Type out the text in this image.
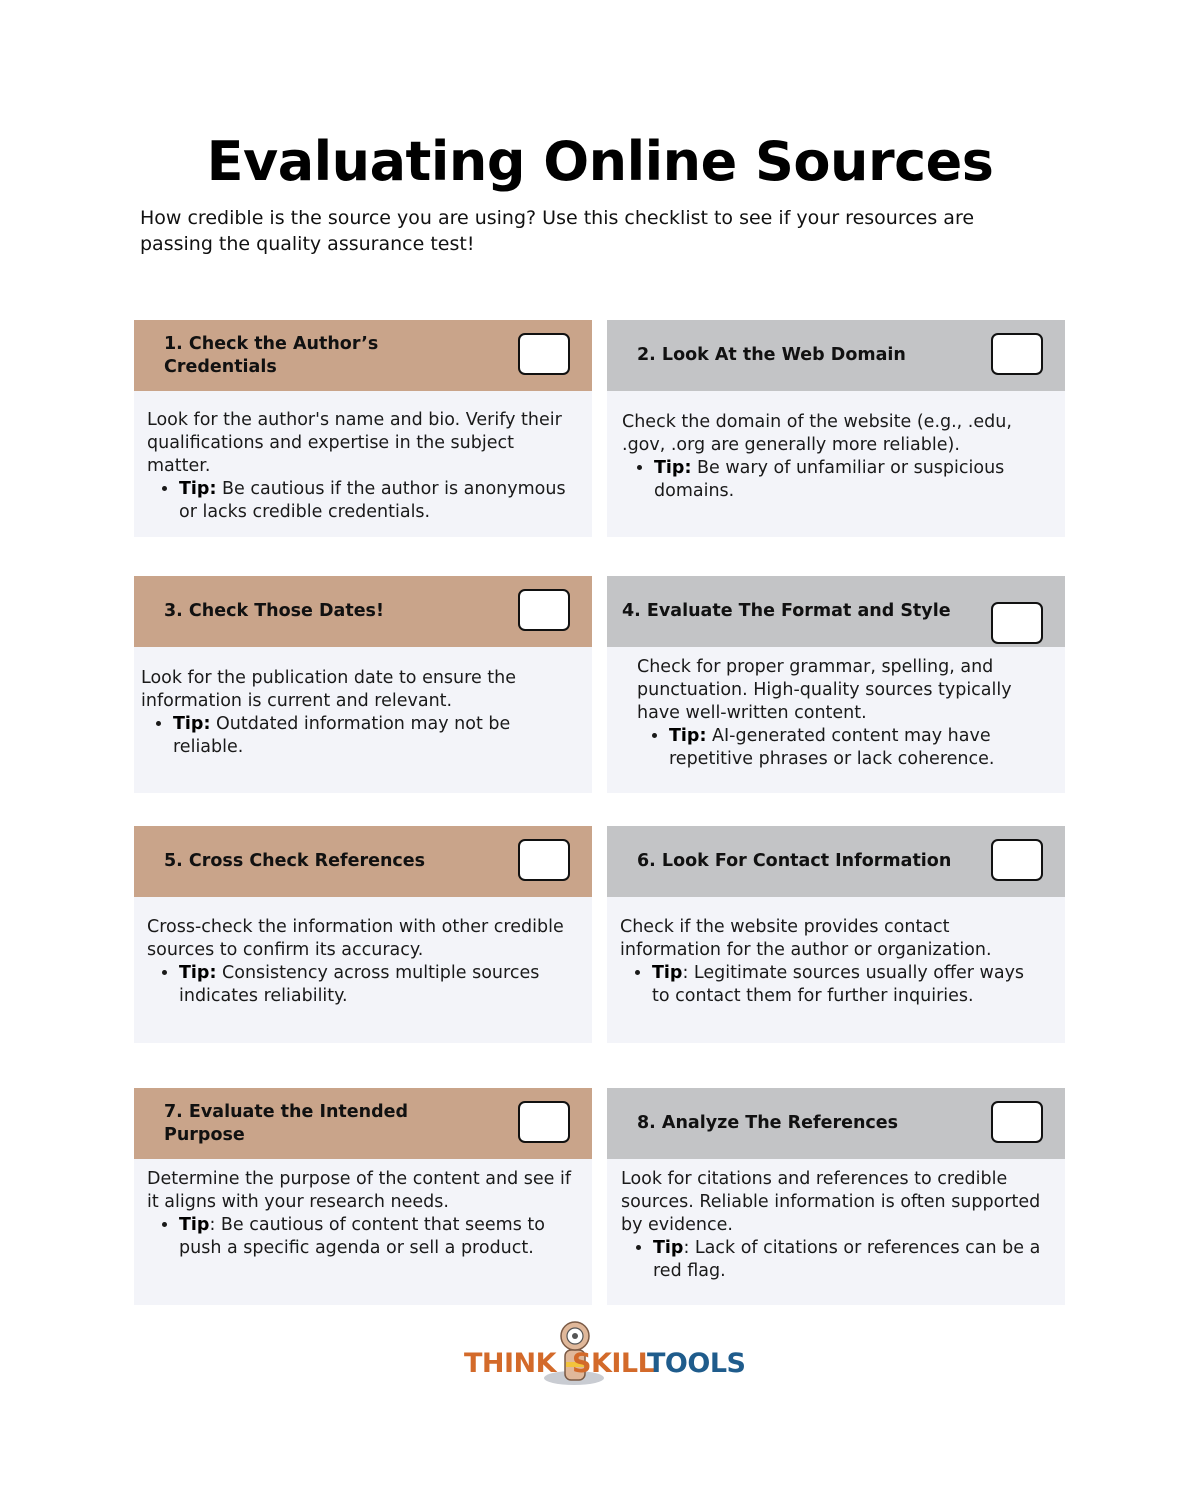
Evaluating Online Sources
How credible is the source you are using? Use this checklist to see if your resources are passing the quality assurance test!
1. Check the Author’s Credentials

Look for the author's name and bio. Verify their qualifications and expertise in the subject matter.

• Tip: Be cautious if the author is anonymous or lacks credible credentials.
2. Look At the Web Domain

Check the domain of the website (e.g., .edu, .gov, .org are generally more reliable).

• Tip: Be wary of unfamiliar or suspicious domains.
3. Check Those Dates!

Look for the publication date to ensure the information is current and relevant.

• Tip: Outdated information may not be reliable.
4. Evaluate The Format and Style

Check for proper grammar, spelling, and punctuation. High-quality sources typically have well-written content.

• Tip: AI-generated content may have repetitive phrases or lack coherence.
5. Cross Check References

Cross-check the information with other credible sources to confirm its accuracy.

• Tip: Consistency across multiple sources indicates reliability.
6. Look For Contact Information

Check if the website provides contact information for the author or organization.

• Tip: Legitimate sources usually offer ways to contact them for further inquiries.
7. Evaluate the Intended Purpose

Determine the purpose of the content and see if it aligns with your research needs.

• Tip: Be cautious of content that seems to push a specific agenda or sell a product.
8. Analyze The References

Look for citations and references to credible sources. Reliable information is often supported by evidence.

• Tip: Lack of citations or references can be a red flag.
THINK SKILL
TOOLS
